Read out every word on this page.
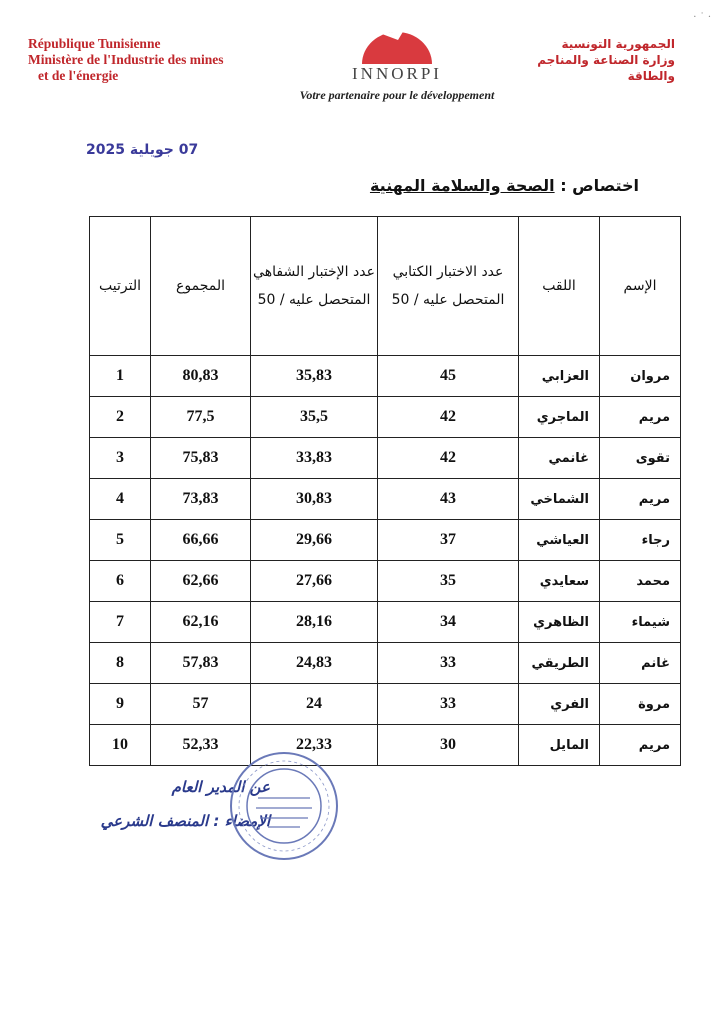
· ˙ ·
République Tunisienne
Ministère de l'Industrie des mines
et de l'énergie	INNORPI
Votre partenaire pour le développement
الجمهورية التونسية
وزارة الصناعة والمناجم
والطاقة
07 جويلية 2025
اختصاص : الصحة والسلامة المهنية
الإسم	اللقب	عدد الاختبار الكتابي المتحصل عليه / 50	عدد الإختبار الشفاهي المتحصل عليه / 50	المجموع	الترتيب
مروان	العزابي	45	35,83	80,83	1
مريم	الماجري	42	35,5	77,5	2
تقوى	غانمي	42	33,83	75,83	3
مريم	الشماخي	43	30,83	73,83	4
رجاء	العياشي	37	29,66	66,66	5
محمد	سعايدي	35	27,66	62,66	6
شيماء	الظاهري	34	28,16	62,16	7
غانم	الطريقي	33	24,83	57,83	8
مروة	الفري	33	24	57	9
مريم	المايل	30	22,33	52,33	10
عن المدير العام
الإمضاء : المنصف الشرعي
